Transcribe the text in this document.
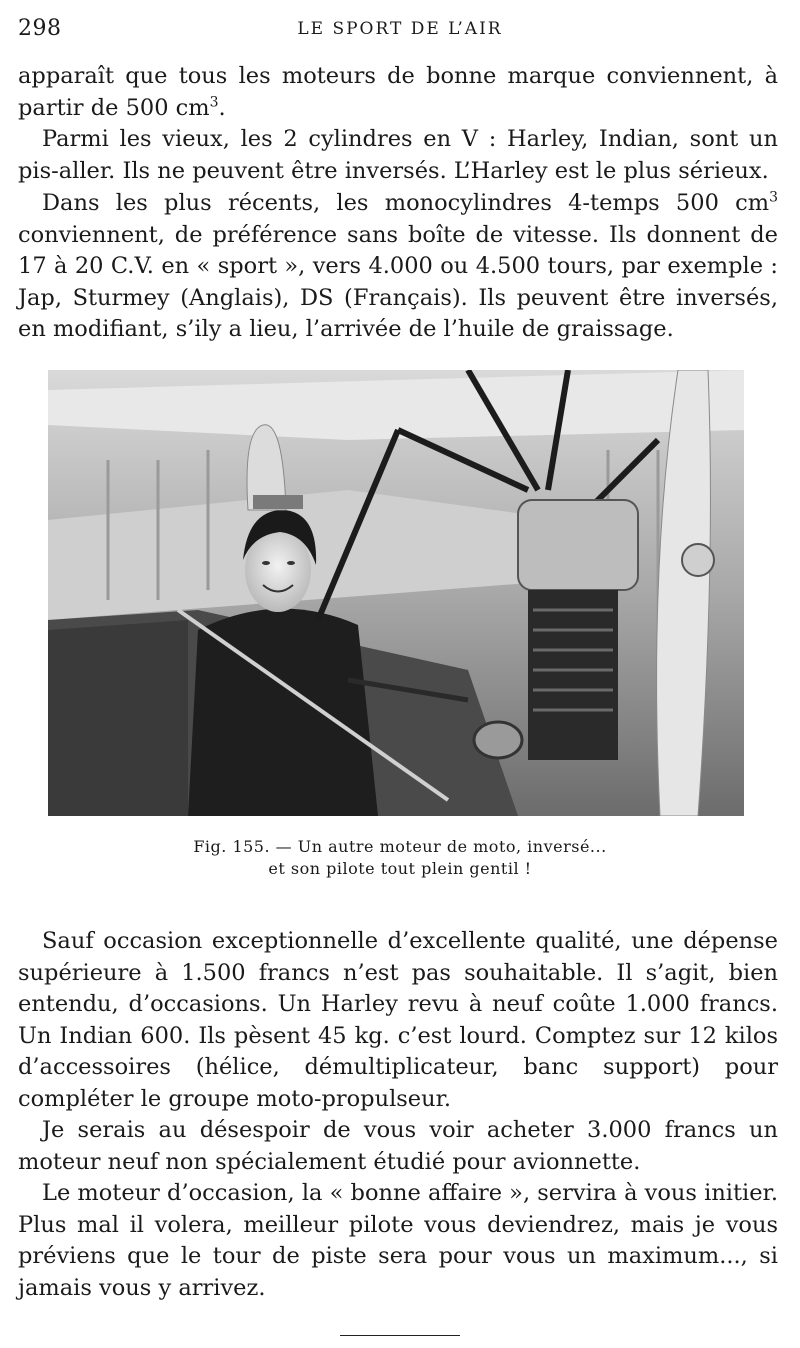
298	LE SPORT DE L’AIR

apparaît que tous les moteurs de bonne marque conviennent, à partir de 500 $cm^3$.

Parmi les vieux, les 2 cylindres en V : Harley, Indian, sont un pis-aller. Ils ne peuvent être inversés. L’Harley est le plus sérieux.

Dans les plus récents, les monocylindres 4-temps 500 $cm^3$ conviennent, de préférence sans boîte de vitesse. Ils donnent de 17 à 20 C.V. en « sport », vers 4.000 ou 4.500 tours, par exemple : Jap, Sturmey (Anglais), DS (Français). Ils peuvent être inversés, en modifiant, s’ily a lieu, l’arrivée de l’huile de graissage.

Fig. 155. — Un autre moteur de moto, inversé...
et son pilote tout plein gentil !

Sauf occasion exceptionnelle d’excellente qualité, une dépense supérieure à 1.500 francs n’est pas souhaitable. Il s’agit, bien entendu, d’occasions. Un Harley revu à neuf coûte 1.000 francs. Un Indian 600. Ils pèsent 45 kg. c’est lourd. Comptez sur 12 kilos d’accessoires (hélice, démultiplicateur, banc support) pour compléter le groupe moto-propulseur.

Je serais au désespoir de vous voir acheter 3.000 francs un moteur neuf non spécialement étudié pour avionnette.

Le moteur d’occasion, la « bonne affaire », servira à vous initier. Plus mal il volera, meilleur pilote vous deviendrez, mais je vous préviens que le tour de piste sera pour vous un maximum..., si jamais vous y arrivez.
